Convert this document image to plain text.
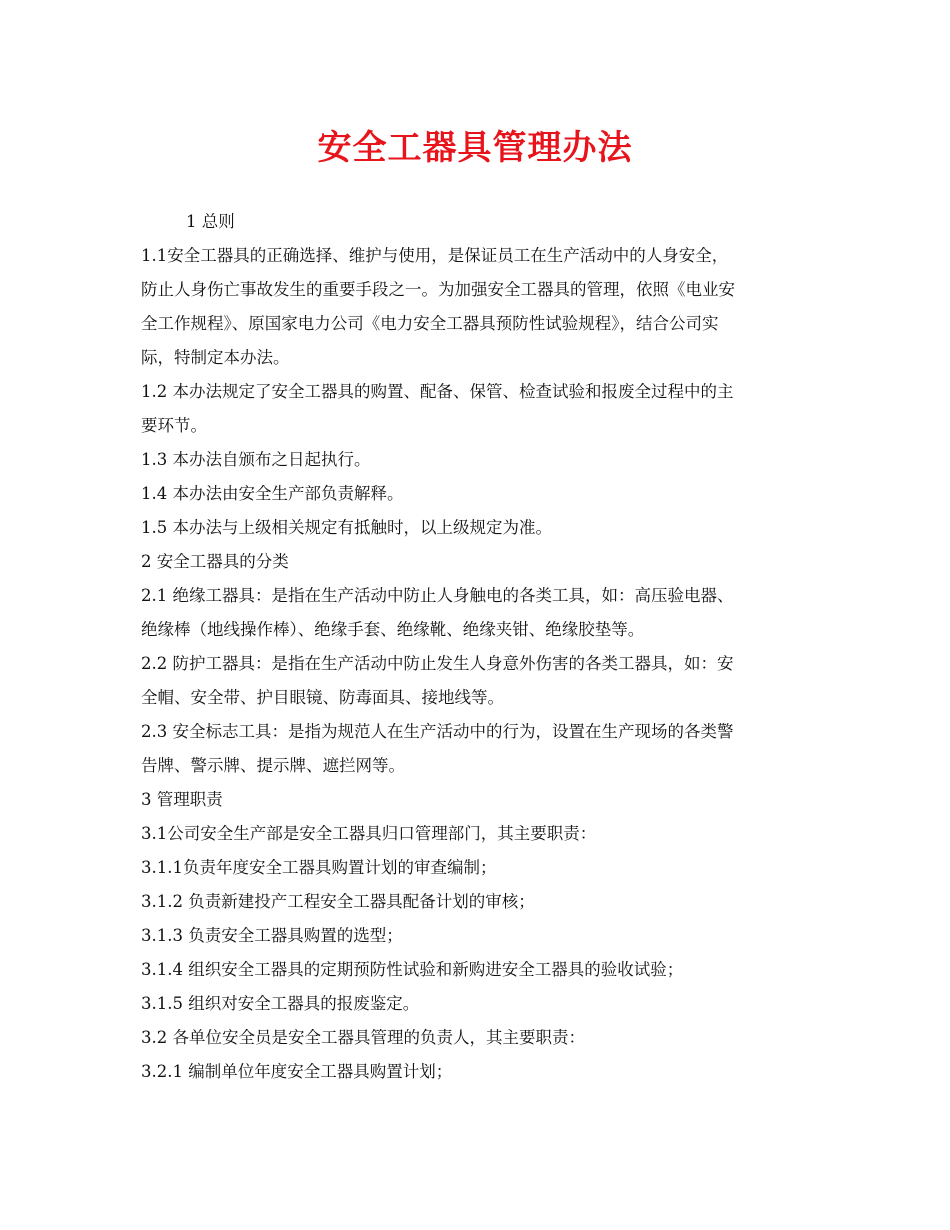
安全工器具管理办法
1 总则
1.1安全工器具的正确选择、维护与使用，是保证员工在生产活动中的人身安全，
防止人身伤亡事故发生的重要手段之一。为加强安全工器具的管理，依照《电业安
全工作规程》、原国家电力公司《电力安全工器具预防性试验规程》，结合公司实
际，特制定本办法。
1.2 本办法规定了安全工器具的购置、配备、保管、检查试验和报废全过程中的主
要环节。
1.3 本办法自颁布之日起执行。
1.4 本办法由安全生产部负责解释。
1.5 本办法与上级相关规定有抵触时，以上级规定为准。
2 安全工器具的分类
2.1 绝缘工器具：是指在生产活动中防止人身触电的各类工具，如：高压验电器、
绝缘棒（地线操作棒）、绝缘手套、绝缘靴、绝缘夹钳、绝缘胶垫等。
2.2 防护工器具：是指在生产活动中防止发生人身意外伤害的各类工器具，如：安
全帽、安全带、护目眼镜、防毒面具、接地线等。
2.3 安全标志工具：是指为规范人在生产活动中的行为，设置在生产现场的各类警
告牌、警示牌、提示牌、遮拦网等。
3 管理职责
3.1公司安全生产部是安全工器具归口管理部门，其主要职责：
3.1.1负责年度安全工器具购置计划的审查编制；
3.1.2 负责新建投产工程安全工器具配备计划的审核；
3.1.3 负责安全工器具购置的选型；
3.1.4 组织安全工器具的定期预防性试验和新购进安全工器具的验收试验；
3.1.5 组织对安全工器具的报废鉴定。
3.2 各单位安全员是安全工器具管理的负责人，其主要职责：
3.2.1 编制单位年度安全工器具购置计划；
